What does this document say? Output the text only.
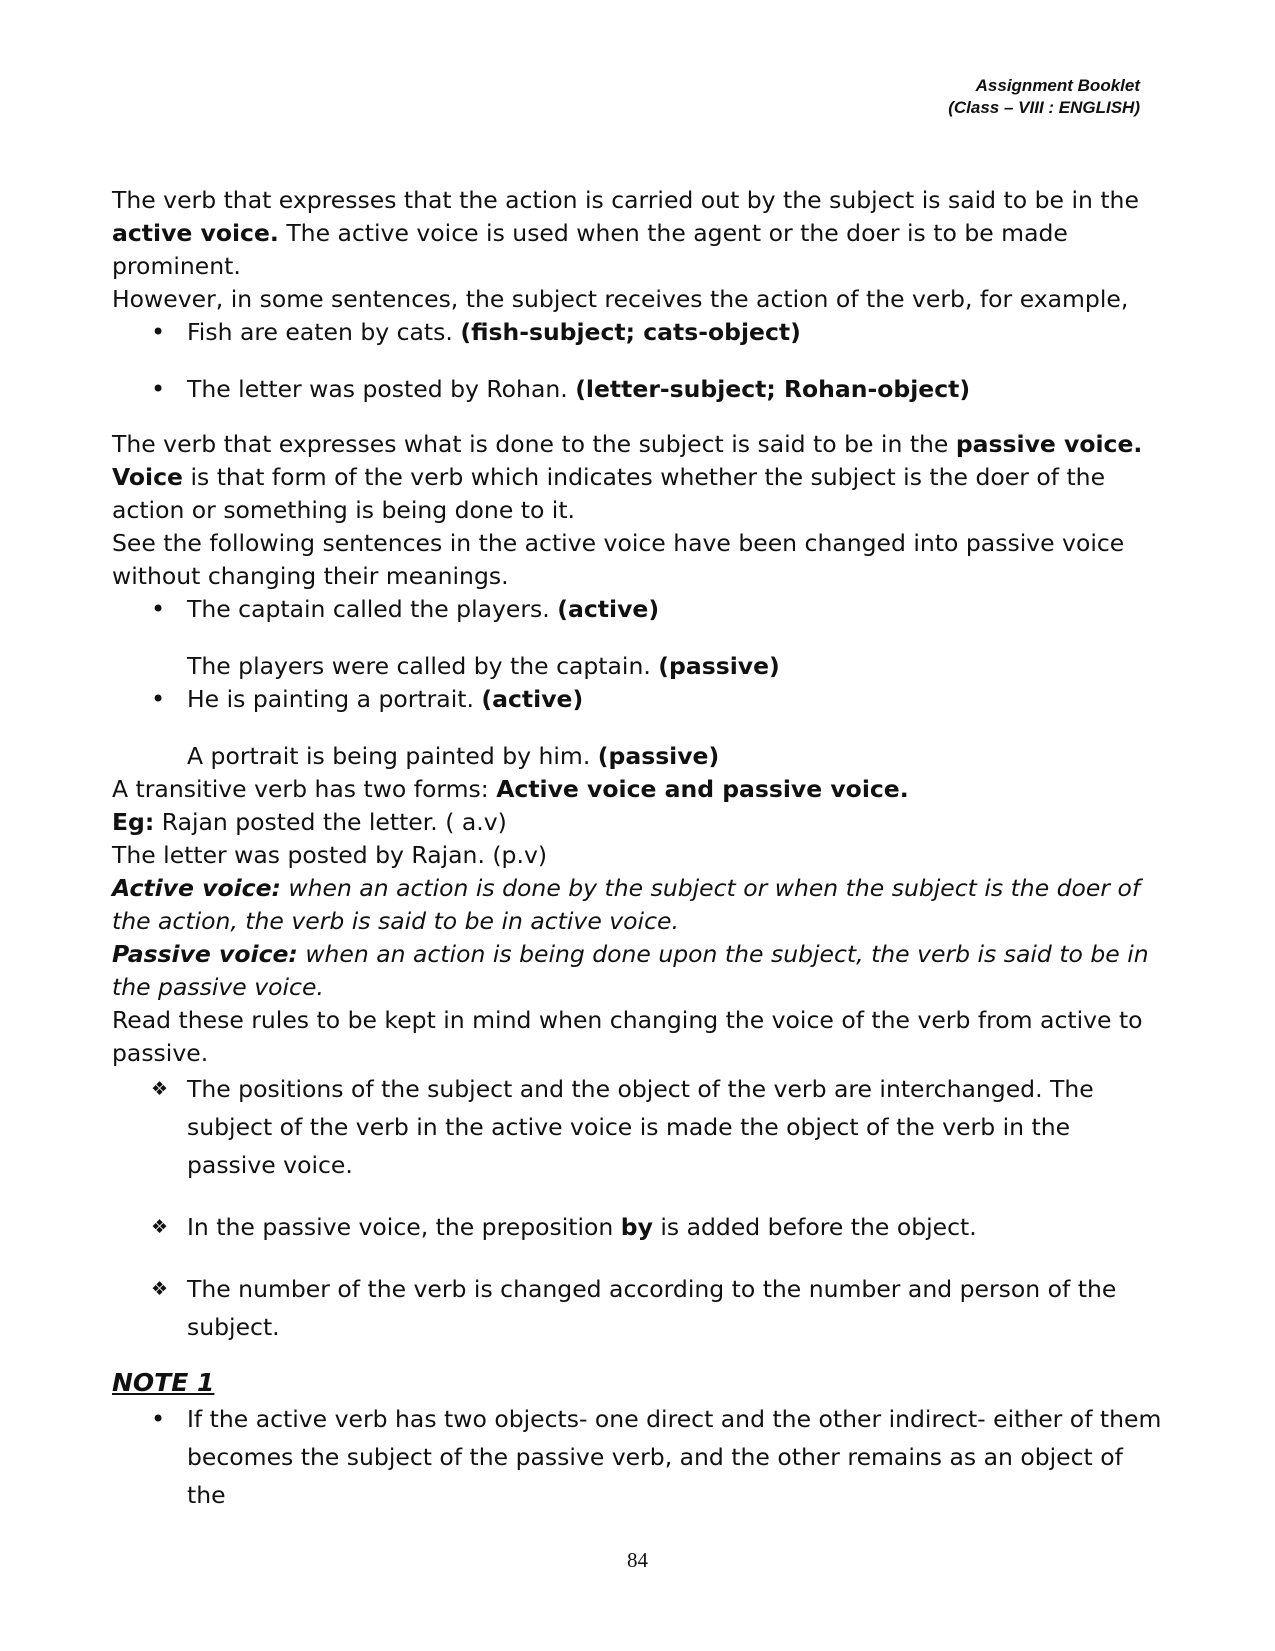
Assignment Booklet
(Class – VIII : ENGLISH)

The verb that expresses that the action is carried out by the subject is said to be in the active voice. The active voice is used when the agent or the doer is to be made prominent.

However, in some sentences, the subject receives the action of the verb, for example,

• Fish are eaten by cats. (fish-subject; cats-object)
• The letter was posted by Rohan. (letter-subject; Rohan-object)

The verb that expresses what is done to the subject is said to be in the passive voice.

Voice is that form of the verb which indicates whether the subject is the doer of the action or something is being done to it.

See the following sentences in the active voice have been changed into passive voice without changing their meanings.

• The captain called the players. (active)

The players were called by the captain. (passive)

• He is painting a portrait. (active)

A portrait is being painted by him. (passive)

A transitive verb has two forms: Active voice and passive voice.

Eg: Rajan posted the letter. ( a.v)

The letter was posted by Rajan. (p.v)

Active voice: when an action is done by the subject or when the subject is the doer of the action, the verb is said to be in active voice.

Passive voice: when an action is being done upon the subject, the verb is said to be in the passive voice.

Read these rules to be kept in mind when changing the voice of the verb from active to passive.

❖ The positions of the subject and the object of the verb are interchanged. The subject of the verb in the active voice is made the object of the verb in the passive voice.
❖ In the passive voice, the preposition by is added before the object.
❖ The number of the verb is changed according to the number and person of the subject.
NOTE 1
• If the active verb has two objects- one direct and the other indirect- either of them becomes the subject of the passive verb, and the other remains as an object of the
84
